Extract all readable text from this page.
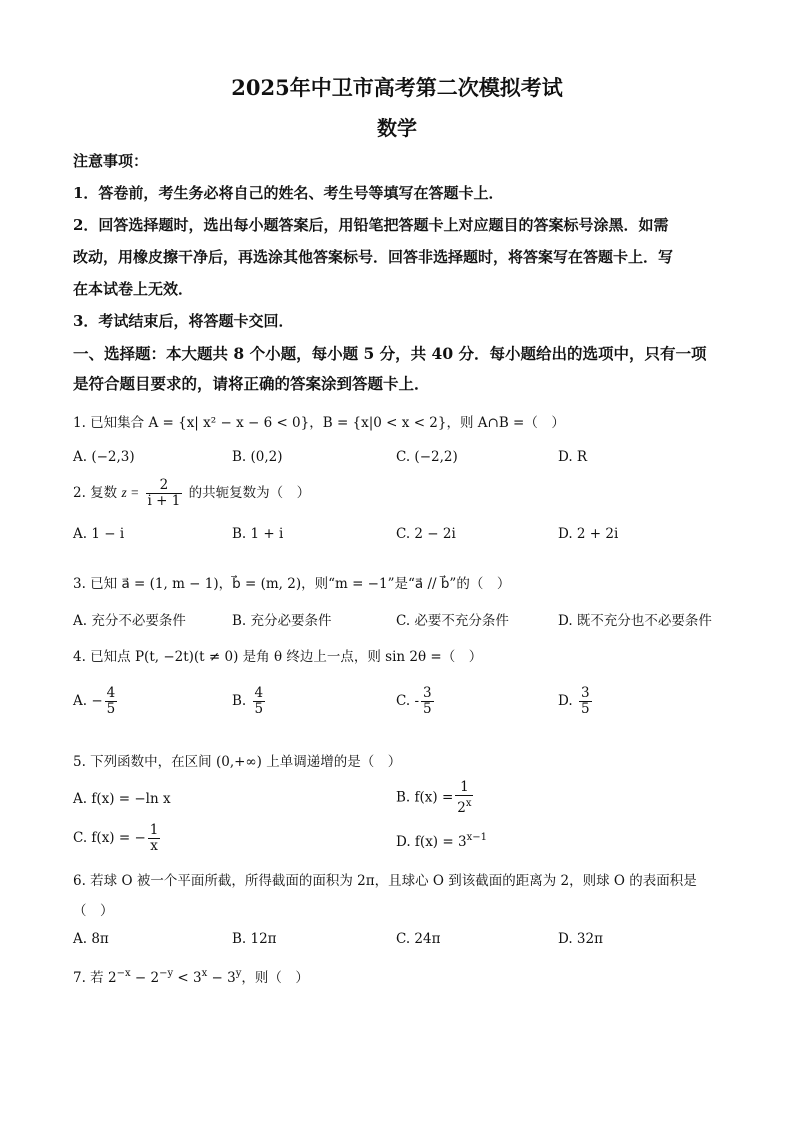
2025年中卫市高考第二次模拟考试
数学
注意事项：
1．答卷前，考生务必将自己的姓名、考生号等填写在答题卡上．
2．回答选择题时，选出每小题答案后，用铅笔把答题卡上对应题目的答案标号涂黑．如需
改动，用橡皮擦干净后，再选涂其他答案标号．回答非选择题时，将答案写在答题卡上．写
在本试卷上无效．
3．考试结束后，将答题卡交回．
一、选择题：本大题共 8 个小题，每小题 5 分，共 40 分．每小题给出的选项中，只有一项
是符合题目要求的，请将正确的答案涂到答题卡上．
1. 已知集合 A = {x| x² − x − 6 < 0}，B = {x|0 < x < 2}，则 A∩B =（　）
A. (−2,3)	B. (0,2)	C. (−2,2)	D. R
2. 复数 $z = \frac{2}{i + 1}$ 的共轭复数为（　）
A. 1 − i	B. 1 + i	C. 2 − 2i	D. 2 + 2i
3. 已知 a⃗ = (1, m − 1)，b⃗ = (m, 2)，则“m = −1”是“a⃗ // b⃗”的（　）
A. 充分不必要条件	B. 充分必要条件	C. 必要不充分条件	D. 既不充分也不必要条件
4. 已知点 P(t, −2t)(t ≠ 0) 是角 θ 终边上一点，则 sin 2θ =（　）
A. − $\frac{4}{5}$	B. $\frac{4}{5}$	C. - $\frac{3}{5}$	D. $\frac{3}{5}$
5. 下列函数中，在区间 (0,+∞) 上单调递增的是（　）
A. f(x) = −ln x	B. $f(x) = \frac{1}{2^x}$
C. f(x) = − $\frac{1}{x}$	D. $f(x) = 3^{x-1}$
6. 若球 O 被一个平面所截，所得截面的面积为 2π，且球心 O 到该截面的距离为 2，则球 O 的表面积是
（　）
A. 8π	B. 12π	C. 24π	D. 32π
7. 若 $2^{-x} - 2^{-y} < 3^x - 3^y$，则（　）
